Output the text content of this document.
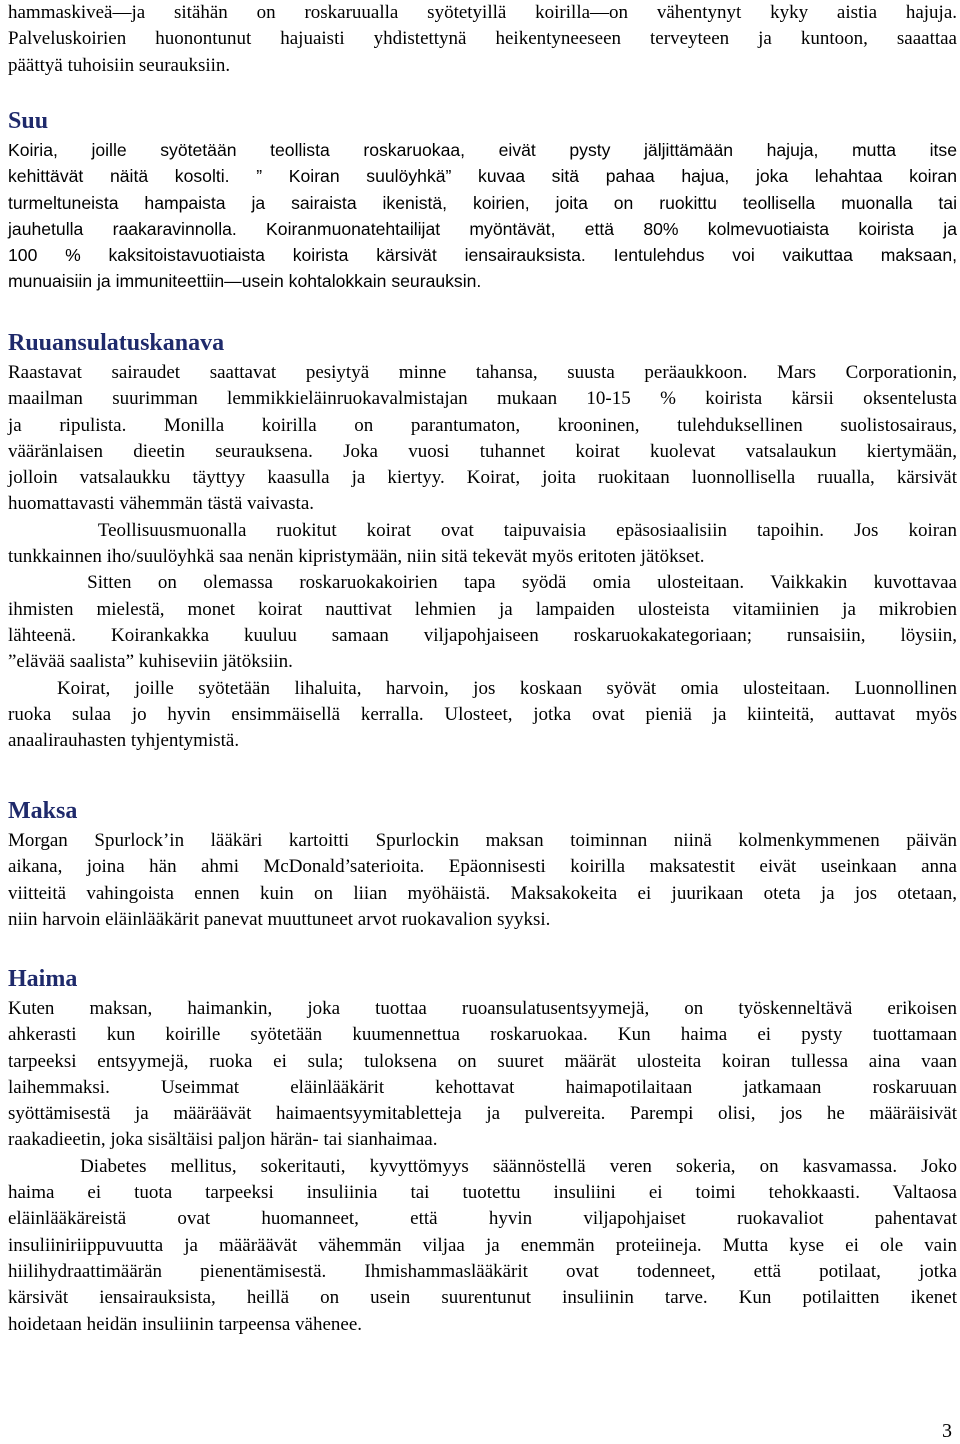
hammaskiveä—ja sitähän on roskaruualla syötetyillä koirilla—on vähentynyt kyky aistia hajuja.
Palveluskoirien huonontunut hajuaisti yhdistettynä heikentyneeseen terveyteen ja kuntoon, saaattaa
päättyä tuhoisiin seurauksiin.
Suu
Koiria, joille syötetään teollista roskaruokaa, eivät pysty jäljittämään hajuja, mutta itse
kehittävät näitä kosolti. ” Koiran suulöyhkä” kuvaa sitä pahaa hajua, joka lehahtaa koiran
turmeltuneista hampaista ja sairaista ikenistä, koirien, joita on ruokittu teollisella muonalla tai
jauhetulla raakaravinnolla. Koiranmuonatehtailijat myöntävät, että 80% kolmevuotiaista koirista ja
100 % kaksitoistavuotiaista koirista kärsivät iensairauksista. Ientulehdus voi vaikuttaa maksaan,
munuaisiin ja immuniteettiin—usein kohtalokkain seurauksin.
Ruuansulatuskanava
Raastavat sairaudet saattavat pesiytyä minne tahansa, suusta peräaukkoon. Mars Corporationin,
maailman suurimman lemmikkieläinruokavalmistajan mukaan 10-15 % koirista kärsii oksentelusta
ja ripulista. Monilla koirilla on parantumaton, krooninen, tulehduksellinen suolistosairaus,
vääränlaisen dieetin seurauksena. Joka vuosi tuhannet koirat kuolevat vatsalaukun kiertymään,
jolloin vatsalaukku täyttyy kaasulla ja kiertyy. Koirat, joita ruokitaan luonnollisella ruualla, kärsivät
huomattavasti vähemmän tästä vaivasta.
Teollisuusmuonalla ruokitut koirat ovat taipuvaisia epäsosiaalisiin tapoihin. Jos koiran
tunkkainnen iho/suulöyhkä saa nenän kipristymään, niin sitä tekevät myös eritoten jätökset.
Sitten on olemassa roskaruokakoirien tapa syödä omia ulosteitaan. Vaikkakin kuvottavaa
ihmisten mielestä, monet koirat nauttivat lehmien ja lampaiden ulosteista vitamiinien ja mikrobien
lähteenä. Koirankakka kuuluu samaan viljapohjaiseen roskaruokakategoriaan; runsaisiin, löysiin,
”elävää saalista” kuhiseviin jätöksiin.
Koirat, joille syötetään lihaluita, harvoin, jos koskaan syövät omia ulosteitaan. Luonnollinen
ruoka sulaa jo hyvin ensimmäisellä kerralla. Ulosteet, jotka ovat pieniä ja kiinteitä, auttavat myös
anaalirauhasten tyhjentymistä.
Maksa
Morgan Spurlock’in lääkäri kartoitti Spurlockin maksan toiminnan niinä kolmenkymmenen päivän
aikana, joina hän ahmi McDonald’saterioita. Epäonnisesti koirilla maksatestit eivät useinkaan anna
viitteitä vahingoista ennen kuin on liian myöhäistä. Maksakokeita ei juurikaan oteta ja jos otetaan,
niin harvoin eläinlääkärit panevat muuttuneet arvot ruokavalion syyksi.
Haima
Kuten maksan, haimankin, joka tuottaa ruoansulatusentsyymejä, on työskenneltävä erikoisen
ahkerasti kun koirille syötetään kuumennettua roskaruokaa. Kun haima ei pysty tuottamaan
tarpeeksi entsyymejä, ruoka ei sula; tuloksena on suuret määrät ulosteita koiran tullessa aina vaan
laihemmaksi. Useimmat eläinlääkärit kehottavat haimapotilaitaan jatkamaan roskaruuan
syöttämisestä ja määräävät haimaentsyymitabletteja ja pulvereita. Parempi olisi, jos he määräisivät
raakadieetin, joka sisältäisi paljon härän- tai sianhaimaa.
Diabetes mellitus, sokeritauti, kyvyttömyys säännöstellä veren sokeria, on kasvamassa. Joko
haima ei tuota tarpeeksi insuliinia tai tuotettu insuliini ei toimi tehokkaasti. Valtaosa
eläinlääkäreistä ovat huomanneet, että hyvin viljapohjaiset ruokavaliot pahentavat
insuliiniriippuvuutta ja määräävät vähemmän viljaa ja enemmän proteiineja. Mutta kyse ei ole vain
hiilihydraattimäärän pienentämisestä. Ihmishammaslääkärit ovat todenneet, että potilaat, jotka
kärsivät iensairauksista, heillä on usein suurentunut insuliinin tarve. Kun potilaitten ikenet
hoidetaan heidän insuliinin tarpeensa vähenee.
3
